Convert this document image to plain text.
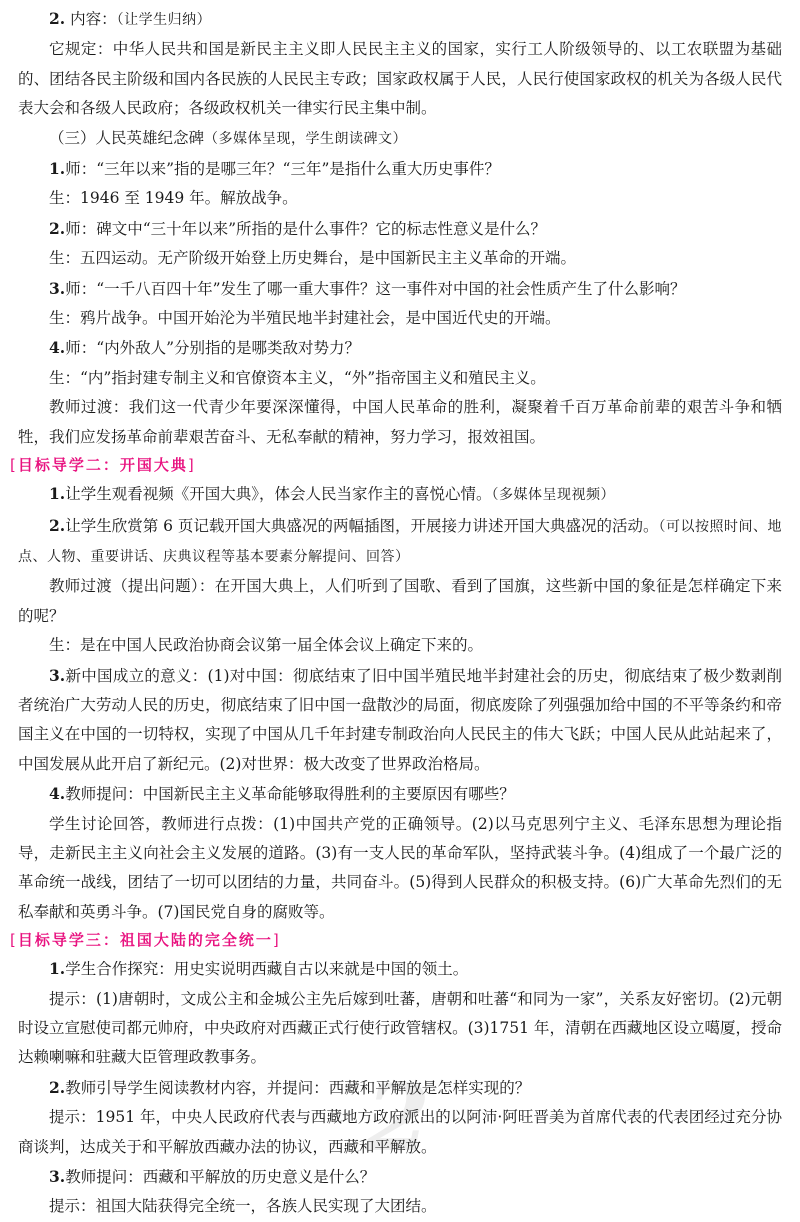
2

2. 内容：（让学生归纳）

它规定：中华人民共和国是新民主主义即人民民主主义的国家，实行工人阶级领导的、以工农联盟为基础的、团结各民主阶级和国内各民族的人民民主专政；国家政权属于人民，人民行使国家政权的机关为各级人民代表大会和各级人民政府；各级政权机关一律实行民主集中制。

（三）人民英雄纪念碑（多媒体呈现，学生朗读碑文）

1.师：“三年以来”指的是哪三年？“三年”是指什么重大历史事件？

生：1946 至 1949 年。解放战争。

2.师：碑文中“三十年以来”所指的是什么事件？它的标志性意义是什么？

生：五四运动。无产阶级开始登上历史舞台，是中国新民主主义革命的开端。

3.师：“一千八百四十年”发生了哪一重大事件？这一事件对中国的社会性质产生了什么影响？

生：鸦片战争。中国开始沦为半殖民地半封建社会，是中国近代史的开端。

4.师：“内外敌人”分别指的是哪类敌对势力？

生：“内”指封建专制主义和官僚资本主义，“外”指帝国主义和殖民主义。

教师过渡：我们这一代青少年要深深懂得，中国人民革命的胜利，凝聚着千百万革命前辈的艰苦斗争和牺牲，我们应发扬革命前辈艰苦奋斗、无私奉献的精神，努力学习，报效祖国。

[目标导学二：开国大典]

1.让学生观看视频《开国大典》，体会人民当家作主的喜悦心情。（多媒体呈现视频）

2.让学生欣赏第 6 页记载开国大典盛况的两幅插图，开展接力讲述开国大典盛况的活动。（可以按照时间、地点、人物、重要讲话、庆典议程等基本要素分解提问、回答）

教师过渡（提出问题）：在开国大典上，人们听到了国歌、看到了国旗，这些新中国的象征是怎样确定下来的呢？

生：是在中国人民政治协商会议第一届全体会议上确定下来的。

3.新中国成立的意义：(1)对中国：彻底结束了旧中国半殖民地半封建社会的历史，彻底结束了极少数剥削者统治广大劳动人民的历史，彻底结束了旧中国一盘散沙的局面，彻底废除了列强强加给中国的不平等条约和帝国主义在中国的一切特权，实现了中国从几千年封建专制政治向人民民主的伟大飞跃；中国人民从此站起来了，中国发展从此开启了新纪元。(2)对世界：极大改变了世界政治格局。

4.教师提问：中国新民主主义革命能够取得胜利的主要原因有哪些？

学生讨论回答，教师进行点拨：(1)中国共产党的正确领导。(2)以马克思列宁主义、毛泽东思想为理论指导，走新民主主义向社会主义发展的道路。(3)有一支人民的革命军队，坚持武装斗争。(4)组成了一个最广泛的革命统一战线，团结了一切可以团结的力量，共同奋斗。(5)得到人民群众的积极支持。(6)广大革命先烈们的无私奉献和英勇斗争。(7)国民党自身的腐败等。

[目标导学三：祖国大陆的完全统一]

1.学生合作探究：用史实说明西藏自古以来就是中国的领土。

提示：(1)唐朝时，文成公主和金城公主先后嫁到吐蕃，唐朝和吐蕃“和同为一家”，关系友好密切。(2)元朝时设立宣慰使司都元帅府，中央政府对西藏正式行使行政管辖权。(3)1751 年，清朝在西藏地区设立噶厦，授命达赖喇嘛和驻藏大臣管理政教事务。

2.教师引导学生阅读教材内容，并提问：西藏和平解放是怎样实现的？

提示：1951 年，中央人民政府代表与西藏地方政府派出的以阿沛·阿旺晋美为首席代表的代表团经过充分协商谈判，达成关于和平解放西藏办法的协议，西藏和平解放。

3.教师提问：西藏和平解放的历史意义是什么？

提示：祖国大陆获得完全统一，各族人民实现了大团结。
